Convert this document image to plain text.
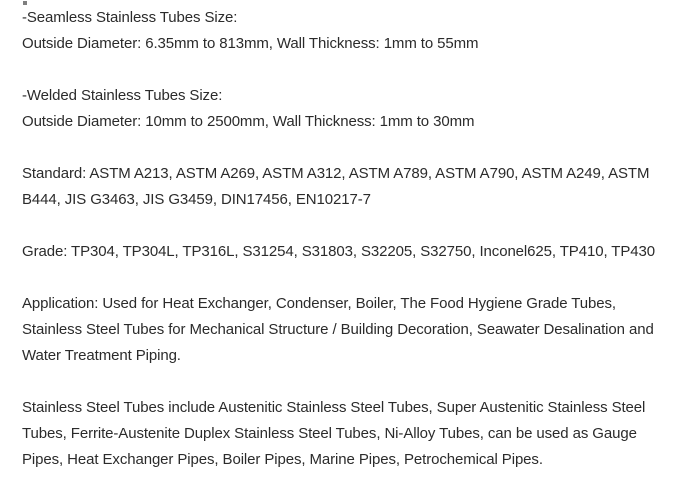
-Seamless Stainless Tubes Size:
Outside Diameter: 6.35mm to 813mm, Wall Thickness: 1mm to 55mm
-Welded Stainless Tubes Size:
Outside Diameter: 10mm to 2500mm, Wall Thickness: 1mm to 30mm
Standard: ASTM A213, ASTM A269, ASTM A312, ASTM A789, ASTM A790, ASTM A249, ASTM
B444, JIS G3463, JIS G3459, DIN17456, EN10217-7
Grade: TP304, TP304L, TP316L, S31254, S31803, S32205, S32750, Inconel625, TP410, TP430
Application: Used for Heat Exchanger, Condenser, Boiler, The Food Hygiene Grade Tubes,
Stainless Steel Tubes for Mechanical Structure / Building Decoration, Seawater Desalination and
Water Treatment Piping.
Stainless Steel Tubes include Austenitic Stainless Steel Tubes, Super Austenitic Stainless Steel
Tubes, Ferrite-Austenite Duplex Stainless Steel Tubes, Ni-Alloy Tubes, can be used as Gauge
Pipes, Heat Exchanger Pipes, Boiler Pipes, Marine Pipes, Petrochemical Pipes.
